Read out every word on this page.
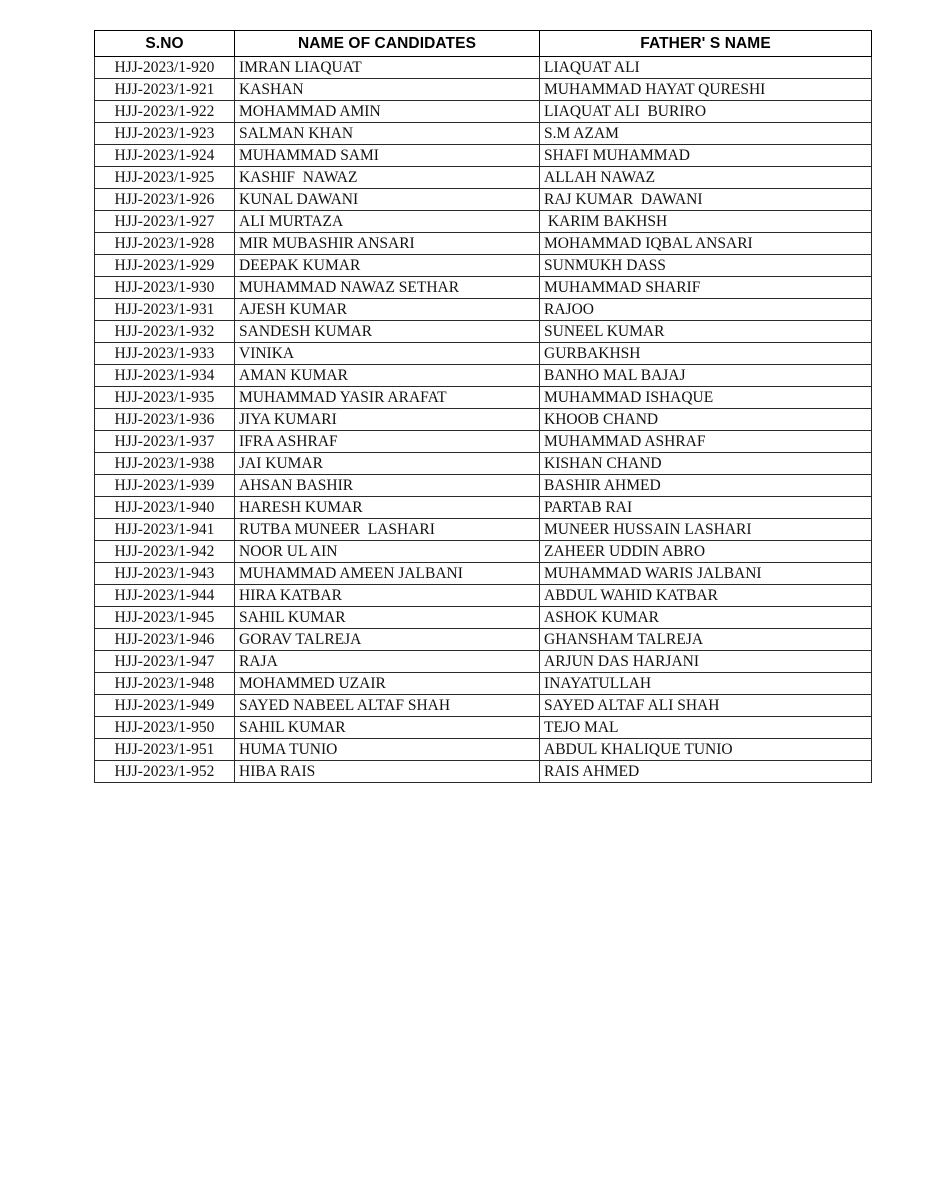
S.NO	NAME OF CANDIDATES	FATHER' S NAME
HJJ-2023/1-920	IMRAN LIAQUAT	LIAQUAT ALI
HJJ-2023/1-921	KASHAN	MUHAMMAD HAYAT QURESHI
HJJ-2023/1-922	MOHAMMAD AMIN	LIAQUAT ALI  BURIRO
HJJ-2023/1-923	SALMAN KHAN	S.M AZAM
HJJ-2023/1-924	MUHAMMAD SAMI	SHAFI MUHAMMAD
HJJ-2023/1-925	KASHIF  NAWAZ	ALLAH NAWAZ
HJJ-2023/1-926	KUNAL DAWANI	RAJ KUMAR  DAWANI
HJJ-2023/1-927	ALI MURTAZA	KARIM BAKHSH
HJJ-2023/1-928	MIR MUBASHIR ANSARI	MOHAMMAD IQBAL ANSARI
HJJ-2023/1-929	DEEPAK KUMAR	SUNMUKH DASS
HJJ-2023/1-930	MUHAMMAD NAWAZ SETHAR	MUHAMMAD SHARIF
HJJ-2023/1-931	AJESH KUMAR	RAJOO
HJJ-2023/1-932	SANDESH KUMAR	SUNEEL KUMAR
HJJ-2023/1-933	VINIKA	GURBAKHSH
HJJ-2023/1-934	AMAN KUMAR	BANHO MAL BAJAJ
HJJ-2023/1-935	MUHAMMAD YASIR ARAFAT	MUHAMMAD ISHAQUE
HJJ-2023/1-936	JIYA KUMARI	KHOOB CHAND
HJJ-2023/1-937	IFRA ASHRAF	MUHAMMAD ASHRAF
HJJ-2023/1-938	JAI KUMAR	KISHAN CHAND
HJJ-2023/1-939	AHSAN BASHIR	BASHIR AHMED
HJJ-2023/1-940	HARESH KUMAR	PARTAB RAI
HJJ-2023/1-941	RUTBA MUNEER  LASHARI	MUNEER HUSSAIN LASHARI
HJJ-2023/1-942	NOOR UL AIN	ZAHEER UDDIN ABRO
HJJ-2023/1-943	MUHAMMAD AMEEN JALBANI	MUHAMMAD WARIS JALBANI
HJJ-2023/1-944	HIRA KATBAR	ABDUL WAHID KATBAR
HJJ-2023/1-945	SAHIL KUMAR	ASHOK KUMAR
HJJ-2023/1-946	GORAV TALREJA	GHANSHAM TALREJA
HJJ-2023/1-947	RAJA	ARJUN DAS HARJANI
HJJ-2023/1-948	MOHAMMED UZAIR	INAYATULLAH
HJJ-2023/1-949	SAYED NABEEL ALTAF SHAH	SAYED ALTAF ALI SHAH
HJJ-2023/1-950	SAHIL KUMAR	TEJO MAL
HJJ-2023/1-951	HUMA TUNIO	ABDUL KHALIQUE TUNIO
HJJ-2023/1-952	HIBA RAIS	RAIS AHMED
